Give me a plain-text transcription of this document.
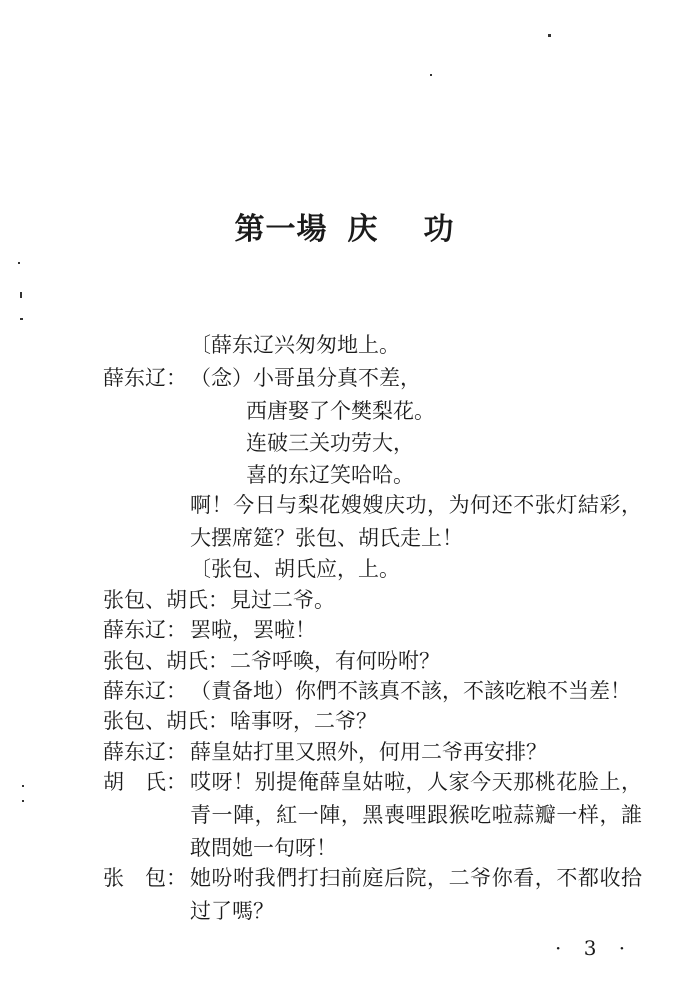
第一場 庆 功
〔薛东辽兴匆匆地上。
薛东辽： （念）小哥虽分真不差，
西唐娶了个樊梨花。
连破三关功劳大，
喜的东辽笑哈哈。
啊！今日与梨花嫂嫂庆功，为何还不张灯結彩，大摆席筵？张包、胡氏走上！
〔张包、胡氏应，上。
张包、胡氏： 見过二爷。
薛东辽： 罢啦，罢啦！
张包、胡氏： 二爷呼喚，有何吩咐？
薛东辽： （責备地）你們不該真不該，不該吃粮不当差！
张包、胡氏： 啥事呀，二爷？
薛东辽： 薛皇姑打里又照外，何用二爷再安排？
胡　氏： 哎呀！别提俺薛皇姑啦，人家今天那桃花脸上，青一陣，紅一陣，黑喪哩跟猴吃啦蒜瓣一样，誰敢問她一句呀！
张　包： 她吩咐我們打扫前庭后院，二爷你看，不都收拾过了嗎？
· 3 ·
